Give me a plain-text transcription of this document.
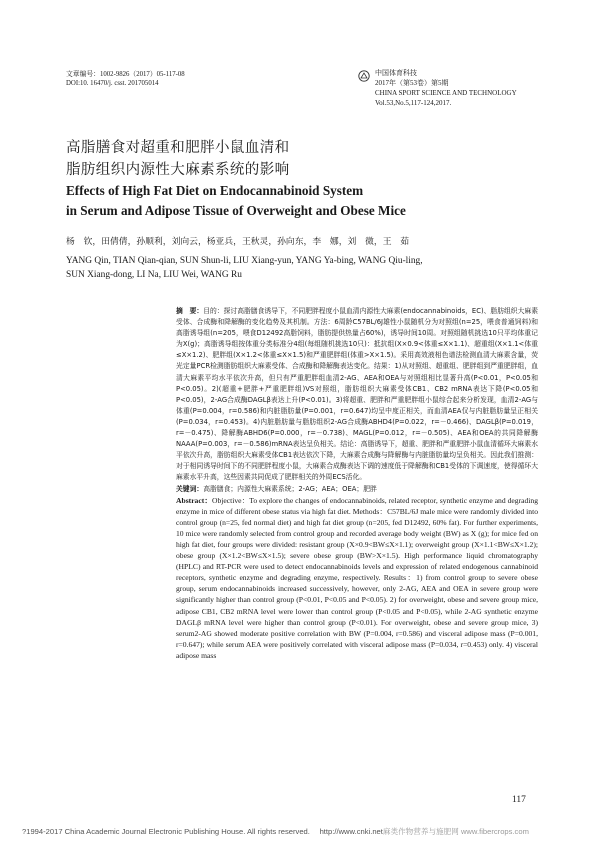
文章编号：1002-9826（2017）05-117-08
DOI:10. 16470/j. csst. 201705014
中国体育科技
2017年（第53卷）第5期
CHINA SPORT SCIENCE AND TECHNOLOGY
Vol.53,No.5,117-124,2017.
高脂膳食对超重和肥胖小鼠血清和
脂肪组织内源性大麻素系统的影响
Effects of High Fat Diet on Endocannabinoid System
in Serum and Adipose Tissue of Overweight and Obese Mice
杨　钦，田倩倩，孙顺利，刘向云，杨亚兵，王秋灵，孙向东，李　娜，刘　微，王　茹
YANG Qin, TIAN Qian-qian, SUN Shun-li, LIU Xiang-yun, YANG Ya-bing, WANG Qiu-ling,
SUN Xiang-dong, LI Na, LIU Wei, WANG Ru

摘　要：目的：探讨高脂膳食诱导下，不同肥胖程度小鼠血清内源性大麻素(endocannabinoids，EC)、脂肪组织大麻素受体、合成酶和降解酶的变化趋势及其机制。方法：6周龄C57BL/6J雄性小鼠随机分为对照组(n=25，喂食普通饲料)和高脂诱导组(n=205，喂食D12492高脂饲料，脂肪提供热量占60%)，诱导时间10周。对照组随机挑选10只平均体重记为X(g)；高脂诱导组按体重分类标准分4组(每组随机挑选10只)：抵抗组(X×0.9<体重≤X×1.1)、超重组(X×1.1<体重≤X×1.2)、肥胖组(X×1.2<体重≤X×1.5)和严重肥胖组(体重>X×1.5)。采用高效液相色谱法检测血清大麻素含量，荧光定量PCR检测脂肪组织大麻素受体、合成酶和降解酶表达变化。结果：1)从对照组、超重组、肥胖组到严重肥胖组，血清大麻素平均水平依次升高，但只有严重肥胖组血清2-AG、AEA和OEA与对照组相比显著升高(P<0.01，P<0.05和P<0.05)。2)(超重+肥胖+严重肥胖组)VS对照组，脂肪组织大麻素受体CB1、CB2 mRNA表达下降(P<0.05和P<0.05)，2-AG合成酶DAGLβ表达上升(P<0.01)。3)将超重、肥胖和严重肥胖组小鼠综合起来分析发现，血清2-AG与体重(P=0.004，r=0.586)和内脏脂肪量(P=0.001，r=0.647)均呈中度正相关，而血清AEA仅与内脏脂肪量呈正相关(P=0.034，r=0.453)。4)内脏脂肪量与脂肪组织2-AG合成酶ABHD4(P=0.022，r=－0.466)、DAGLβ(P=0.019，r=－0.475)、降解酶ABHD6(P=0.000，r=－0.738)、MAGL(P=0.012，r=－0.505)、AEA和OEA的共同降解酶NAAA(P=0.003，r=－0.586)mRNA表达呈负相关。结论：高脂诱导下，超重、肥胖和严重肥胖小鼠血清循环大麻素水平依次升高，脂肪组织大麻素受体CB1表达依次下降，大麻素合成酶与降解酶与内脏脂肪量均呈负相关。因此我们推测：对于相同诱导时间下的不同肥胖程度小鼠，大麻素合成酶表达下调的速度低于降解酶和CB1受体的下调速度，使得循环大麻素水平升高，这些因素共同促成了肥胖相关的外周ECS活化。

关键词：高脂膳食；内源性大麻素系统；2-AG；AEA；OEA；肥胖

Abstract：Objective：To explore the changes of endocannabinoids, related receptor, synthetic enzyme and degrading enzyme in mice of different obese status via high fat diet. Methods：C57BL/6J male mice were randomly divided into control group (n=25, fed normal diet) and high fat diet group (n=205, fed D12492, 60% fat). For further experiments, 10 mice were randomly selected from control group and recorded average body weight (BW) as X (g); for mice fed on high fat diet, four groups were divided: resistant group (X×0.9<BW≤X×1.1); overweight group (X×1.1<BW≤X×1.2); obese group (X×1.2<BW≤X×1.5); severe obese group (BW>X×1.5). High performance liquid chromatography (HPLC) and RT-PCR were used to detect endocannabinoids levels and expression of related endogenous cannabinoid receptors, synthetic enzyme and degrading enzyme, respectively. Results：1) from control group to severe obese group, serum endocannabinoids increased successively, however, only 2-AG, AEA and OEA in severe group were significantly higher than control group (P<0.01, P<0.05 and P<0.05). 2) for overweight, obese and severe group mice, adipose CB1, CB2 mRNA level were lower than control group (P<0.05 and P<0.05), while 2-AG synthetic enzyme DAGLβ mRNA level were higher than control group (P<0.01). For overweight, obese and severe group mice, 3) serum2-AG showed moderate positive correlation with BW (P=0.004, r=0.586) and visceral adipose mass (P=0.001, r=0.647); while serum AEA were positively correlated with visceral adipose mass (P=0.034, r=0.453) only. 4) visceral adipose mass

117
?1994-2017 China Academic Journal Electronic Publishing House. All rights reserved.　 http://www.cnki.net麻类作物营养与施肥网 www.fibercrops.com
